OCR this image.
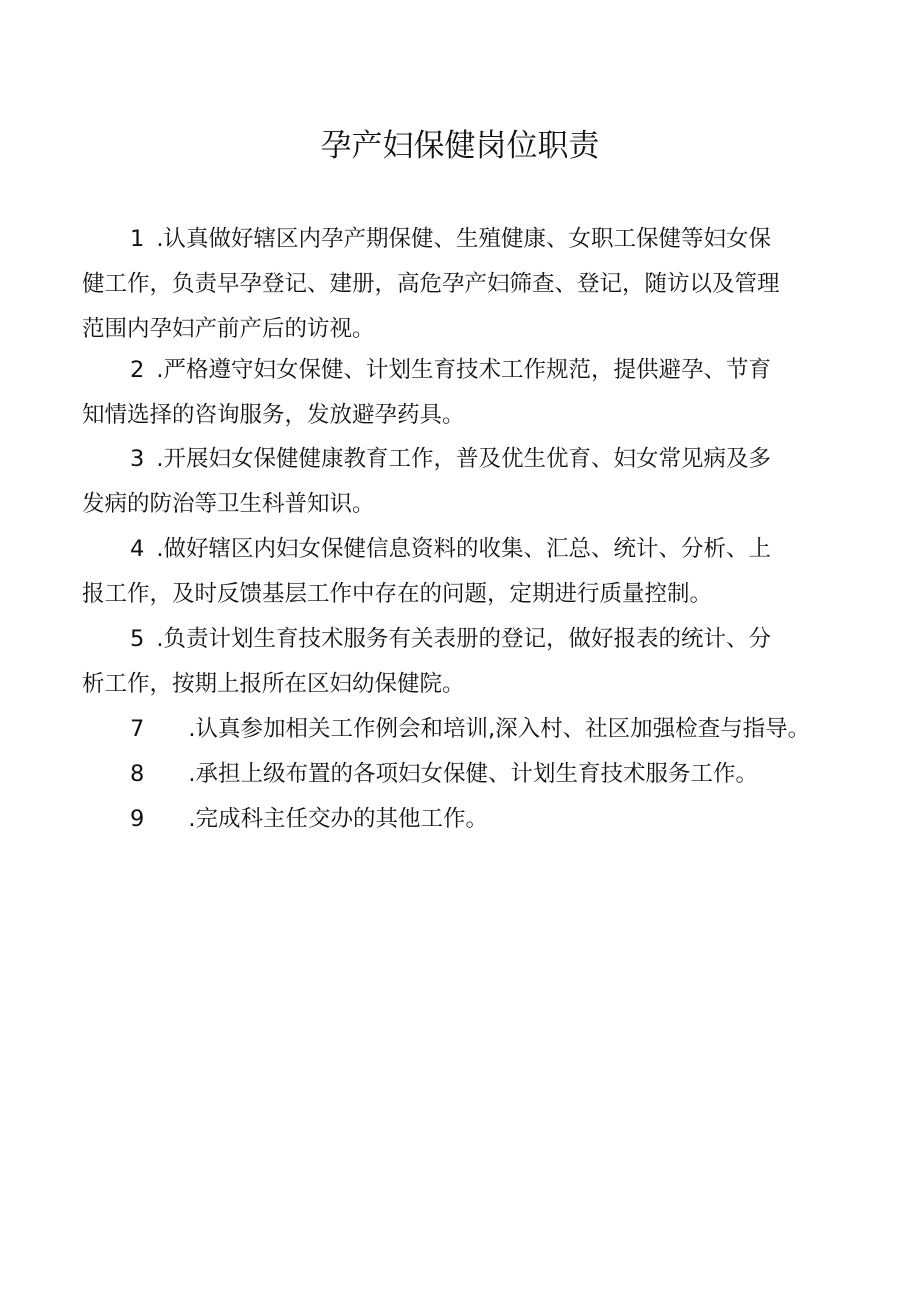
孕产妇保健岗位职责
1 .认真做好辖区内孕产期保健、生殖健康、女职工保健等妇女保
健工作，负责早孕登记、建册，高危孕产妇筛查、登记，随访以及管理
范围内孕妇产前产后的访视。
2 .严格遵守妇女保健、计划生育技术工作规范，提供避孕、节育
知情选择的咨询服务，发放避孕药具。
3 .开展妇女保健健康教育工作，普及优生优育、妇女常见病及多
发病的防治等卫生科普知识。
4 .做好辖区内妇女保健信息资料的收集、汇总、统计、分析、上
报工作，及时反馈基层工作中存在的问题，定期进行质量控制。
5 .负责计划生育技术服务有关表册的登记，做好报表的统计、分
析工作，按期上报所在区妇幼保健院。
7 .认真参加相关工作例会和培训,深入村、社区加强检查与指导。
8 .承担上级布置的各项妇女保健、计划生育技术服务工作。
9 .完成科主任交办的其他工作。
